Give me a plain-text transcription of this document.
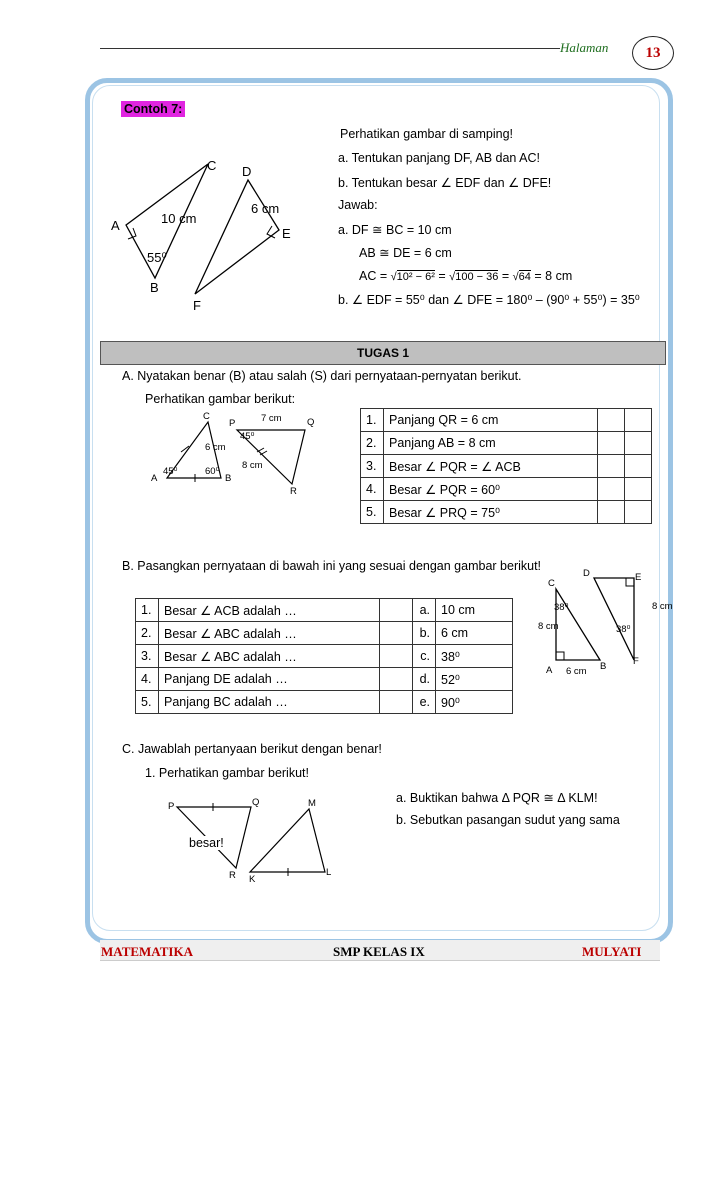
Halaman	13
Contoh 7:
C
A
B
D
E
F
10 cm
55⁰
6 cm
Perhatikan gambar di samping!
a. Tentukan panjang DF, AB dan AC!
b. Tentukan besar ∠ EDF dan ∠ DFE!
Jawab:
a. DF ≅ BC = 10 cm
AB ≅ DE = 6 cm
AC = √10² − 6² = √100 − 36 = √64 = 8 cm
b. ∠ EDF = 55⁰ dan ∠ DFE = 180⁰ – (90⁰ + 55⁰) = 35⁰
TUGAS 1
A. Nyatakan benar (B) atau salah (S) dari pernyataan-pernyatan berikut.
Perhatikan gambar berikut:
C
A	B
P	Q
R
7 cm
6 cm
8 cm
45⁰
45⁰	60⁰
1.	Panjang QR = 6 cm		
2.	Panjang AB = 8 cm		
3.	Besar ∠ PQR = ∠ ACB		
4.	Besar ∠ PQR = 60⁰		
5.	Besar ∠ PRQ = 75⁰		
B. Pasangkan pernyataan di bawah ini yang sesuai dengan gambar berikut!
1.	Besar ∠ ACB adalah …		a.	10 cm
2.	Besar ∠ ABC adalah …		b.	6 cm
3.	Besar ∠ ABC adalah …		c.	38⁰
4.	Panjang DE adalah …		d.	52⁰
5.	Panjang BC adalah …		e.	90⁰
C
A	B
D	E
F
8 cm
6 cm
8 cm
38⁰
38⁰
C. Jawablah pertanyaan berikut dengan benar!
1. Perhatikan gambar berikut!
a. Buktikan bahwa Δ PQR ≅ Δ KLM!
b. Sebutkan pasangan sudut yang sama
P	Q
R
M
K
L
besar!
MATEMATIKA	SMP KELAS IX	MULYATI
